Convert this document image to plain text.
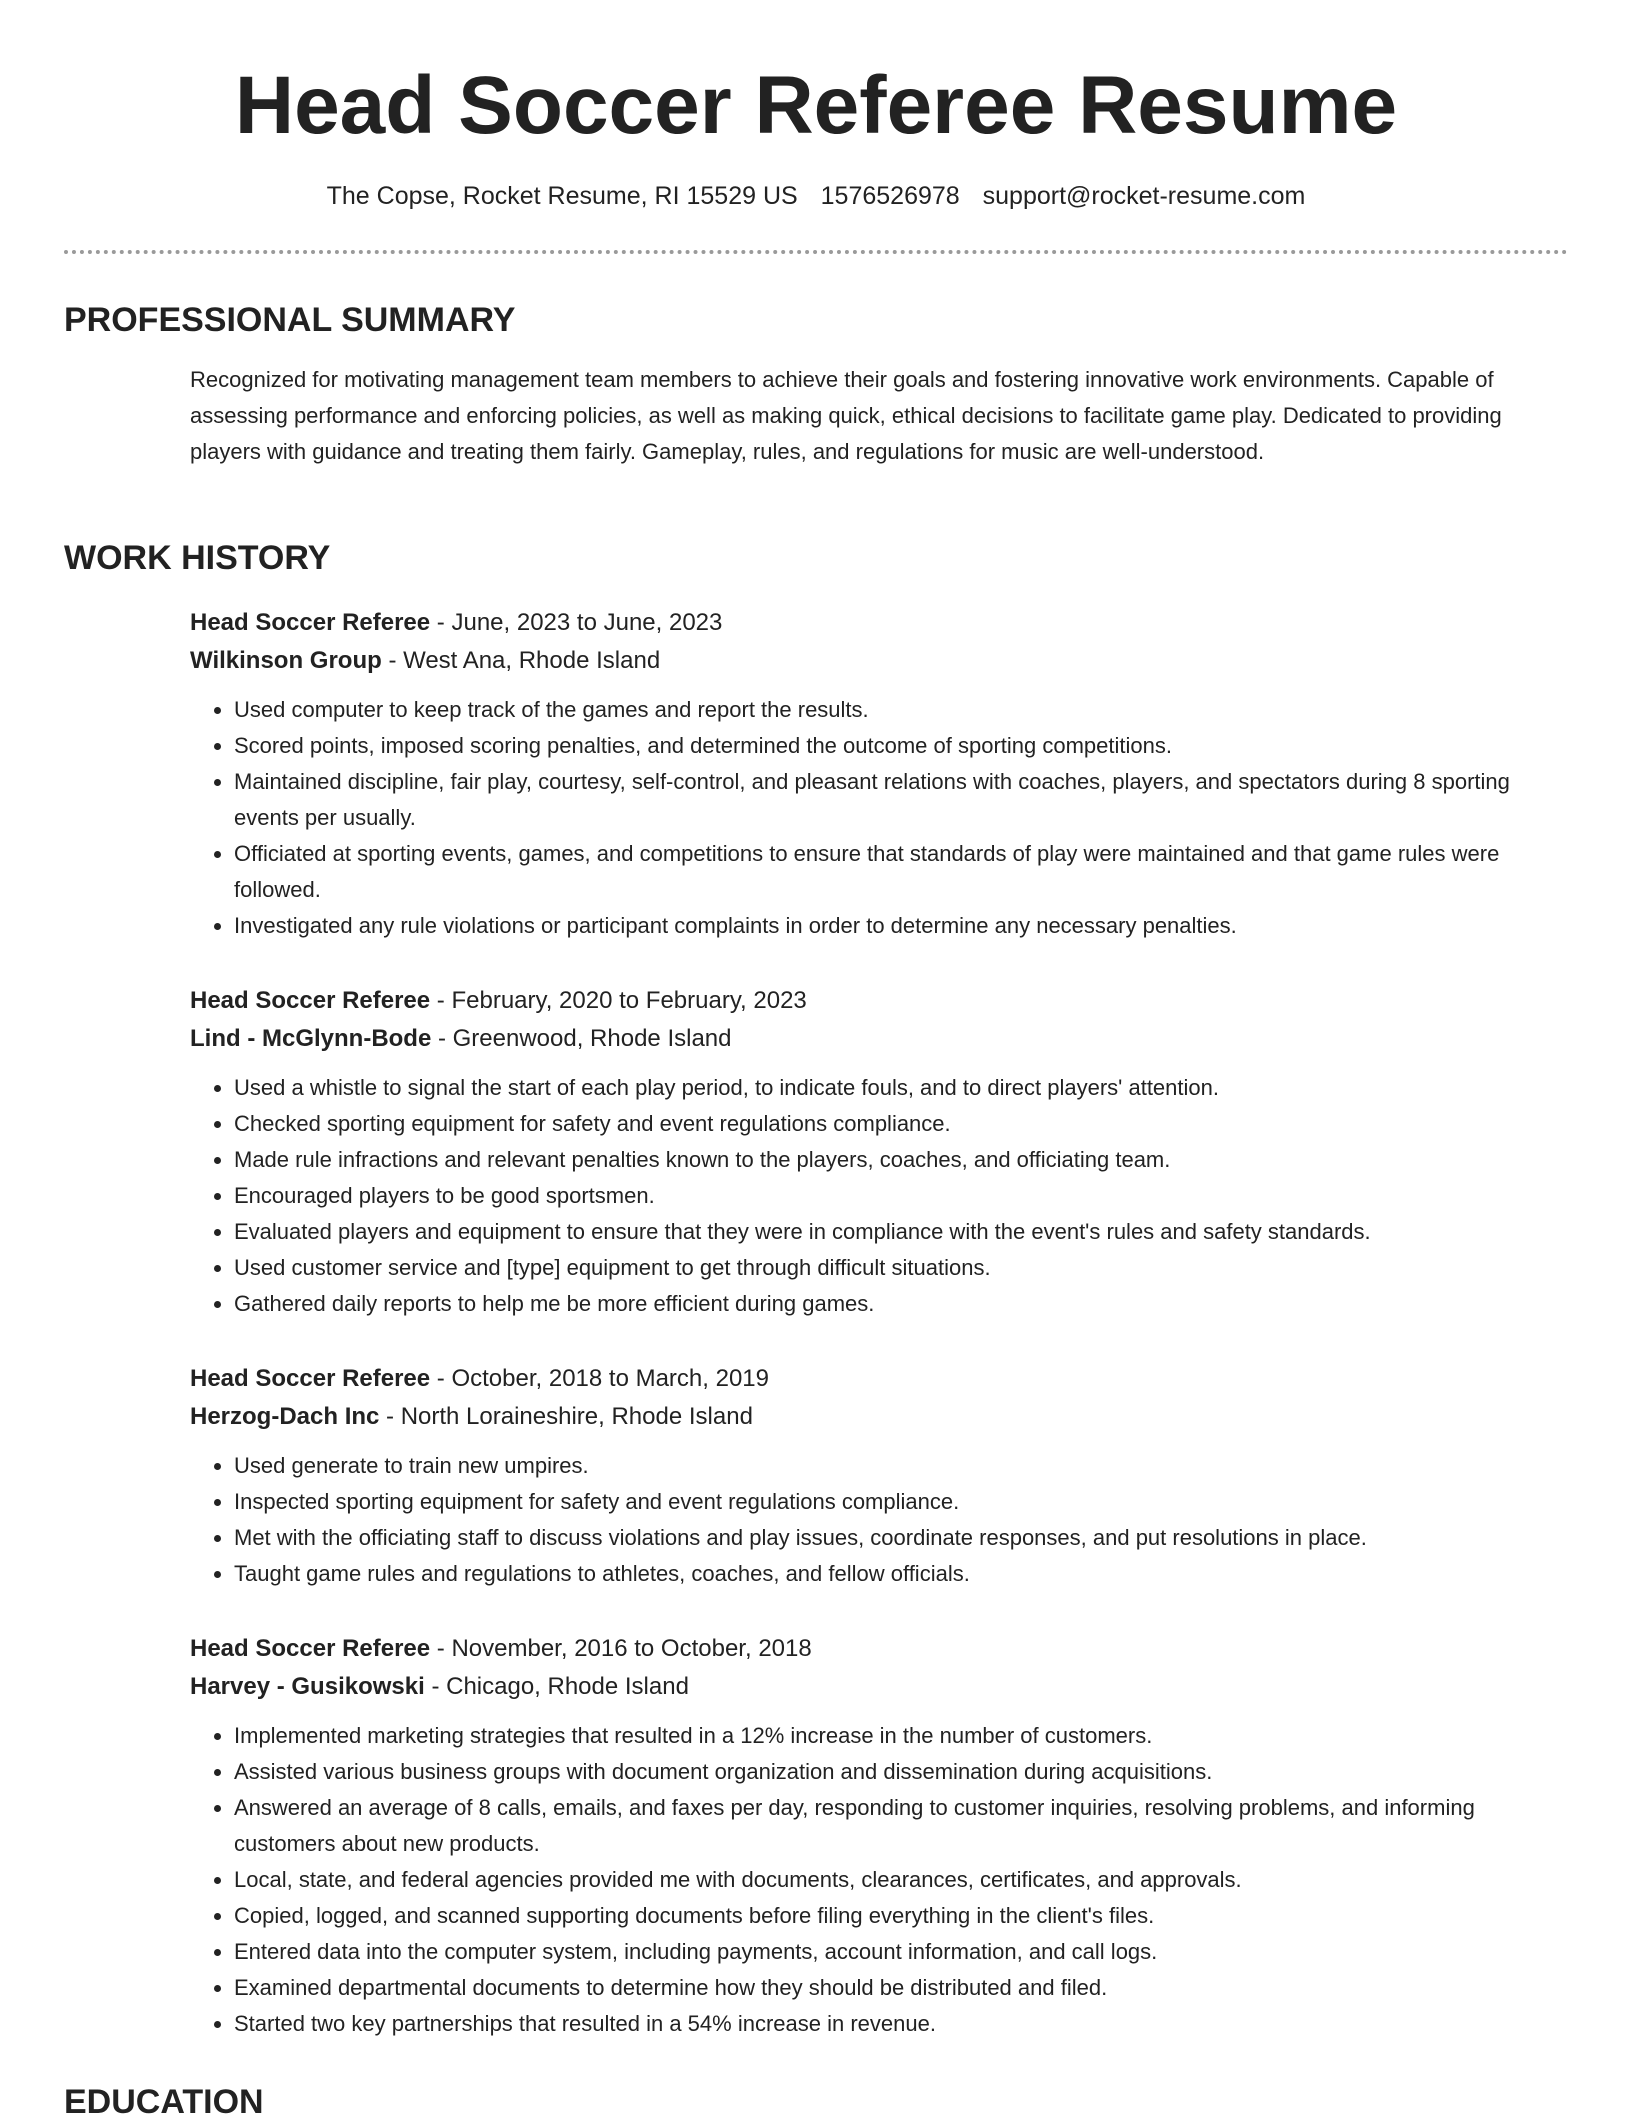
Head Soccer Referee Resume
The Copse, Rocket Resume, RI 15529 US 1576526978 support@rocket-resume.com
PROFESSIONAL SUMMARY

Recognized for motivating management team members to achieve their goals and fostering innovative work environments. Capable of assessing performance and enforcing policies, as well as making quick, ethical decisions to facilitate game play. Dedicated to providing players with guidance and treating them fairly. Gameplay, rules, and regulations for music are well-understood.

WORK HISTORY

Head Soccer Referee - June, 2023 to June, 2023

Wilkinson Group - West Ana, Rhode Island

• Used computer to keep track of the games and report the results.
• Scored points, imposed scoring penalties, and determined the outcome of sporting competitions.
• Maintained discipline, fair play, courtesy, self-control, and pleasant relations with coaches, players, and spectators during 8 sporting events per usually.
• Officiated at sporting events, games, and competitions to ensure that standards of play were maintained and that game rules were followed.
• Investigated any rule violations or participant complaints in order to determine any necessary penalties.

Head Soccer Referee - February, 2020 to February, 2023

Lind - McGlynn-Bode - Greenwood, Rhode Island

• Used a whistle to signal the start of each play period, to indicate fouls, and to direct players' attention.
• Checked sporting equipment for safety and event regulations compliance.
• Made rule infractions and relevant penalties known to the players, coaches, and officiating team.
• Encouraged players to be good sportsmen.
• Evaluated players and equipment to ensure that they were in compliance with the event's rules and safety standards.
• Used customer service and [type] equipment to get through difficult situations.
• Gathered daily reports to help me be more efficient during games.

Head Soccer Referee - October, 2018 to March, 2019

Herzog-Dach Inc - North Loraineshire, Rhode Island

• Used generate to train new umpires.
• Inspected sporting equipment for safety and event regulations compliance.
• Met with the officiating staff to discuss violations and play issues, coordinate responses, and put resolutions in place.
• Taught game rules and regulations to athletes, coaches, and fellow officials.

Head Soccer Referee - November, 2016 to October, 2018

Harvey - Gusikowski - Chicago, Rhode Island

• Implemented marketing strategies that resulted in a 12% increase in the number of customers.
• Assisted various business groups with document organization and dissemination during acquisitions.
• Answered an average of 8 calls, emails, and faxes per day, responding to customer inquiries, resolving problems, and informing customers about new products.
• Local, state, and federal agencies provided me with documents, clearances, certificates, and approvals.
• Copied, logged, and scanned supporting documents before filing everything in the client's files.
• Entered data into the computer system, including payments, account information, and call logs.
• Examined departmental documents to determine how they should be distributed and filed.
• Started two key partnerships that resulted in a 54% increase in revenue.
EDUCATION
